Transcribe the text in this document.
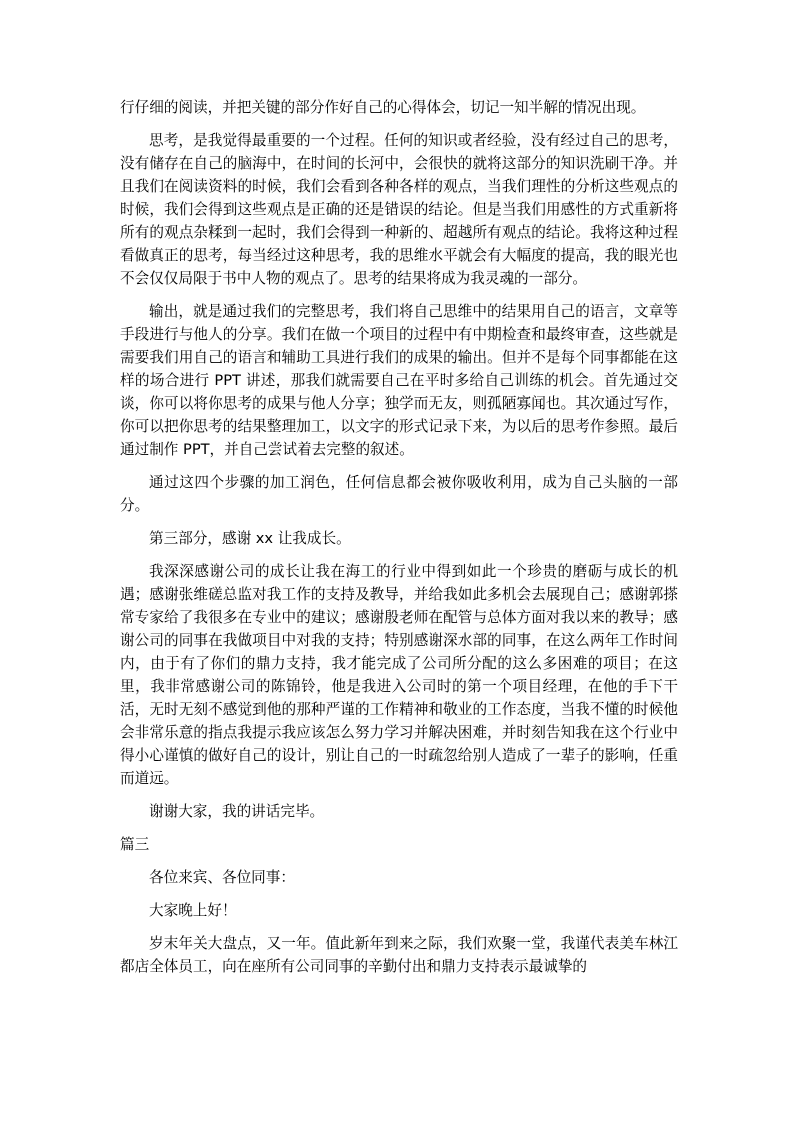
行仔细的阅读，并把关键的部分作好自己的心得体会，切记一知半解的情况出现。

思考，是我觉得最重要的一个过程。任何的知识或者经验，没有经过自己的思考，没有储存在自己的脑海中，在时间的长河中，会很快的就将这部分的知识洗刷干净。并且我们在阅读资料的时候，我们会看到各种各样的观点，当我们理性的分析这些观点的时候，我们会得到这些观点是正确的还是错误的结论。但是当我们用感性的方式重新将所有的观点杂糅到一起时，我们会得到一种新的、超越所有观点的结论。我将这种过程看做真正的思考，每当经过这种思考，我的思维水平就会有大幅度的提高，我的眼光也不会仅仅局限于书中人物的观点了。思考的结果将成为我灵魂的一部分。

输出，就是通过我们的完整思考，我们将自己思维中的结果用自己的语言，文章等手段进行与他人的分享。我们在做一个项目的过程中有中期检查和最终审查，这些就是需要我们用自己的语言和辅助工具进行我们的成果的输出。但并不是每个同事都能在这样的场合进行 PPT 讲述，那我们就需要自己在平时多给自己训练的机会。首先通过交谈，你可以将你思考的成果与他人分享；独学而无友，则孤陋寡闻也。其次通过写作，你可以把你思考的结果整理加工，以文字的形式记录下来，为以后的思考作参照。最后通过制作 PPT，并自己尝试着去完整的叙述。

通过这四个步骤的加工润色，任何信息都会被你吸收利用，成为自己头脑的一部分。

第三部分，感谢 xx 让我成长。

我深深感谢公司的成长让我在海工的行业中得到如此一个珍贵的磨砺与成长的机遇；感谢张维磋总监对我工作的支持及教导，并给我如此多机会去展现自己；感谢郭搽常专家给了我很多在专业中的建议；感谢殷老师在配管与总体方面对我以来的教导；感谢公司的同事在我做项目中对我的支持；特别感谢深水部的同事，在这么两年工作时间内，由于有了你们的鼎力支持，我才能完成了公司所分配的这么多困难的项目；在这里，我非常感谢公司的陈锦铃，他是我进入公司时的第一个项目经理，在他的手下干活，无时无刻不感觉到他的那种严谨的工作精神和敬业的工作态度，当我不懂的时候他会非常乐意的指点我提示我应该怎么努力学习并解决困难，并时刻告知我在这个行业中得小心谨慎的做好自己的设计，别让自己的一时疏忽给别人造成了一辈子的影响，任重而道远。

谢谢大家，我的讲话完毕。

篇三

各位来宾、各位同事：

大家晚上好！

岁末年关大盘点，又一年。值此新年到来之际，我们欢聚一堂，我谨代表美车林江都店全体员工，向在座所有公司同事的辛勤付出和鼎力支持表示最诚挚的
